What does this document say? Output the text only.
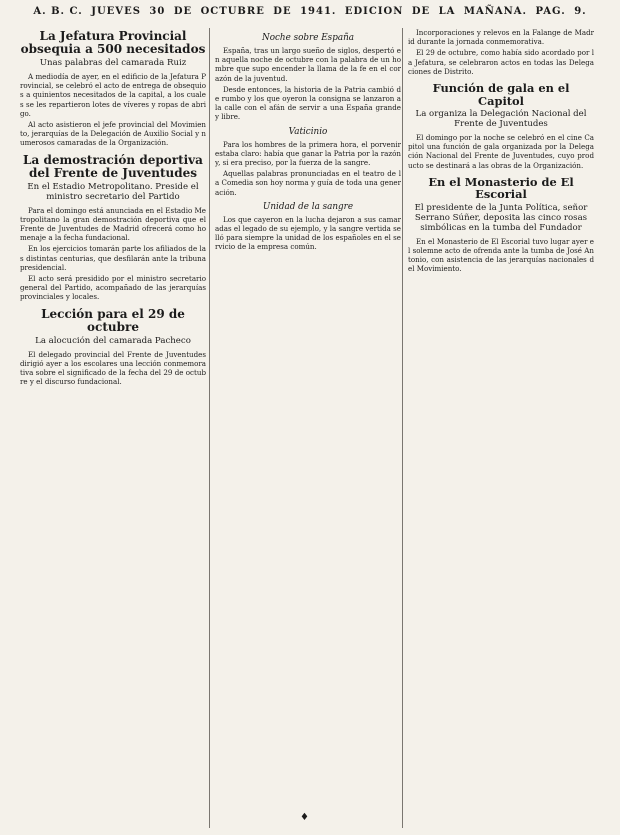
A. B. C. JUEVES 30 DE OCTUBRE DE 1941. EDICION DE LA MAÑANA. PAG. 9.
La Jefatura Provincial obsequia a 500 necesitados
Unas palabras del camarada Ruiz

A mediodía de ayer, en el edificio de la Jefatura Provincial, se celebró el acto de entrega de obsequios a quinientos necesitados de la capital, a los cuales se les repartieron lotes de víveres y ropas de abrigo.

Al acto asistieron el jefe provincial del Movimiento, jerarquías de la Delegación de Auxilio Social y numerosos camaradas de la Organización.

La demostración deportiva del Frente de Juventudes
En el Estadio Metropolitano. Preside el ministro secretario del Partido

Para el domingo está anunciada en el Estadio Metropolitano la gran demostración deportiva que el Frente de Juventudes de Madrid ofrecerá como homenaje a la fecha fundacional.

En los ejercicios tomarán parte los afiliados de las distintas centurias, que desfilarán ante la tribuna presidencial.

El acto será presidido por el ministro secretario general del Partido, acompañado de las jerarquías provinciales y locales.

Lección para el 29 de octubre
La alocución del camarada Pacheco

El delegado provincial del Frente de Juventudes dirigió ayer a los escolares una lección conmemorativa sobre el significado de la fecha del 29 de octubre y el discurso fundacional.

Noche sobre España

España, tras un largo sueño de siglos, despertó en aquella noche de octubre con la palabra de un hombre que supo encender la llama de la fe en el corazón de la juventud.

Desde entonces, la historia de la Patria cambió de rumbo y los que oyeron la consigna se lanzaron a la calle con el afán de servir a una España grande y libre.

Vaticinio

Para los hombres de la primera hora, el porvenir estaba claro: había que ganar la Patria por la razón y, si era preciso, por la fuerza de la sangre.

Aquellas palabras pronunciadas en el teatro de la Comedia son hoy norma y guía de toda una generación.

Unidad de la sangre

Los que cayeron en la lucha dejaron a sus camaradas el legado de su ejemplo, y la sangre vertida selló para siempre la unidad de los españoles en el servicio de la empresa común.

Incorporaciones y relevos en la Falange de Madrid durante la jornada conmemorativa.

El 29 de octubre, como había sido acordado por la Jefatura, se celebraron actos en todas las Delegaciones de Distrito.

Función de gala en el Capitol
La organiza la Delegación Nacional del Frente de Juventudes

El domingo por la noche se celebró en el cine Capitol una función de gala organizada por la Delegación Nacional del Frente de Juventudes, cuyo producto se destinará a las obras de la Organización.

En el Monasterio de El Escorial
El presidente de la Junta Política, señor Serrano Súñer, deposita las cinco rosas simbólicas en la tumba del Fundador

En el Monasterio de El Escorial tuvo lugar ayer el solemne acto de ofrenda ante la tumba de José Antonio, con asistencia de las jerarquías nacionales del Movimiento.

♦
